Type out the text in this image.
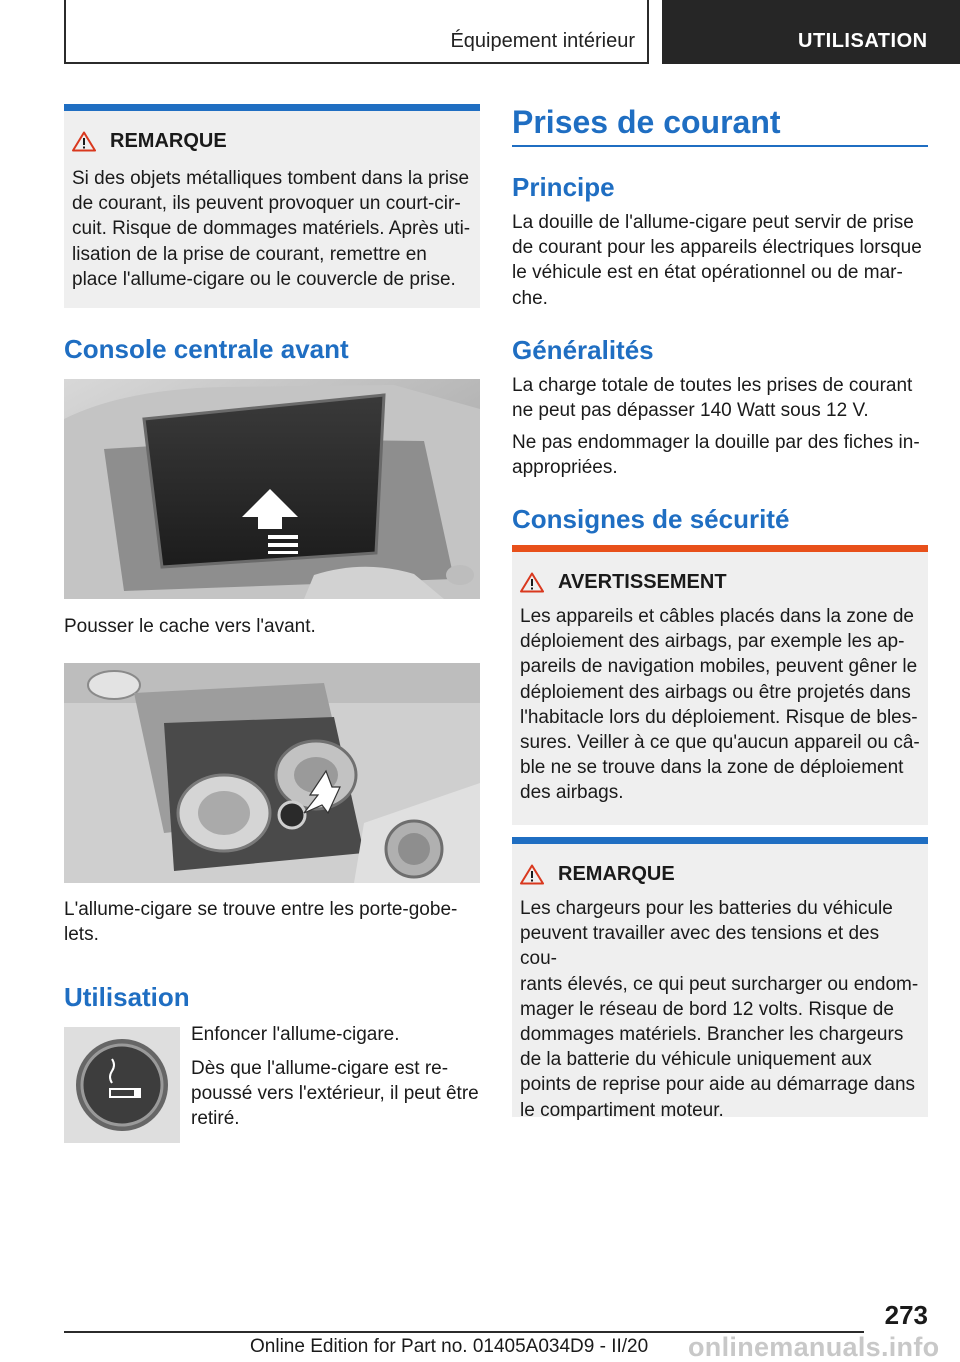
Équipement intérieur	UTILISATION
REMARQUE
Si des objets métalliques tombent dans la prise
de courant, ils peuvent provoquer un court-cir‐
cuit. Risque de dommages matériels. Après uti‐
lisation de la prise de courant, remettre en
place l'allume-cigare ou le couvercle de prise.
Console centrale avant
Pousser le cache vers l'avant.
L'allume-cigare se trouve entre les porte-gobe‐
lets.
Utilisation
Enfoncer l'allume-cigare.
Dès que l'allume-cigare est re‐
poussé vers l'extérieur, il peut être
retiré.
Prises de courant
Principe
La douille de l'allume-cigare peut servir de prise
de courant pour les appareils électriques lorsque
le véhicule est en état opérationnel ou de mar‐
che.
Généralités
La charge totale de toutes les prises de courant
ne peut pas dépasser 140 Watt sous 12 V.
Ne pas endommager la douille par des fiches in‐
appropriées.
Consignes de sécurité
AVERTISSEMENT
Les appareils et câbles placés dans la zone de
déploiement des airbags, par exemple les ap‐
pareils de navigation mobiles, peuvent gêner le
déploiement des airbags ou être projetés dans
l'habitacle lors du déploiement. Risque de bles‐
sures. Veiller à ce que qu'aucun appareil ou câ‐
ble ne se trouve dans la zone de déploiement
des airbags.
REMARQUE
Les chargeurs pour les batteries du véhicule
peuvent travailler avec des tensions et des cou‐
rants élevés, ce qui peut surcharger ou endom‐
mager le réseau de bord 12 volts. Risque de
dommages matériels. Brancher les chargeurs
de la batterie du véhicule uniquement aux
points de reprise pour aide au démarrage dans
le compartiment moteur.
273
Online Edition for Part no. 01405A034D9 - II/20 onlinemanuals.info
